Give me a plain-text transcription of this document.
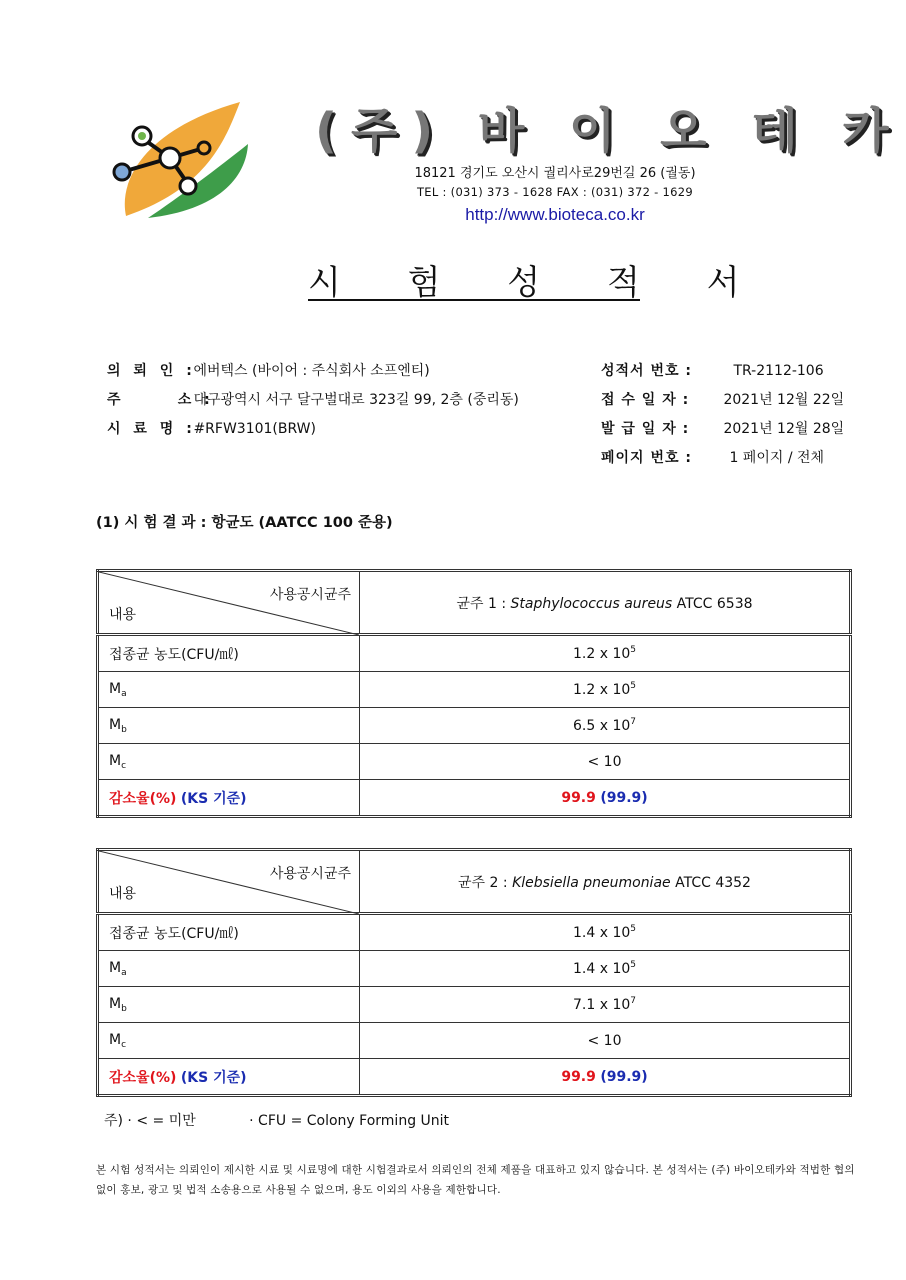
(주) 바 이 오 테 카
18121 경기도 오산시 궐리사로29번길 26 (궐동)
TEL : (031) 373 - 1628 FAX : (031) 372 - 1629
http://www.bioteca.co.kr
시 험 성 적 서
의 뢰 인 : 에버텍스 (바이어 : 주식회사 소프엔티)
주      소 : 대구광역시 서구 달구벌대로 323길 99, 2층 (중리동)
시 료 명 : #RFW3101(BRW)
성적서 번호 :	TR-2112-106
접 수 일 자 : 2021년 12월 22일
발 급 일 자 : 2021년 12월 28일
페이지 번호 :	1 페이지 / 전체
(1) 시 험 결 과 : 항균도 (AATCC 100 준용)
사용공시균주
내용	균주 1 : Staphylococcus aureus ATCC 6538
접종균 농도(CFU/㎖)	1.2 x $10^5$
$M_a$	1.2 x $10^5$
$M_b$	6.5 x $10^7$
$M_c$	< 10
감소율(%) (KS 기준)	99.9 (99.9)
사용공시균주
내용	균주 2 : Klebsiella pneumoniae ATCC 4352
접종균 농도(CFU/㎖)	1.4 x $10^5$
$M_a$	1.4 x $10^5$
$M_b$	7.1 x $10^7$
$M_c$	< 10
감소율(%) (KS 기준)	99.9 (99.9)
주) · < = 미만            · CFU = Colony Forming Unit
본 시험 성적서는 의뢰인이 제시한 시료 및 시료명에 대한 시험결과로서 의뢰인의 전체 제품을 대표하고 있지 않습니다. 본 성적서는 (주) 바이오테카와 적법한 협의 없이 홍보, 광고 및 법적 소송용으로 사용될 수 없으며, 용도 이외의 사용을 제한합니다.
